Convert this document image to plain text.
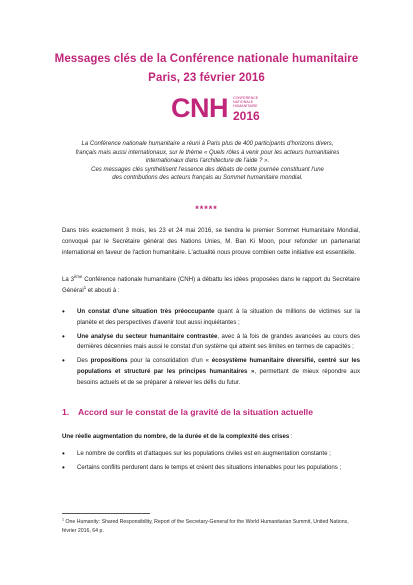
Messages clés de la Conférence nationale humanitaire
Paris, 23 février 2016
CNH CONFÉRENCE
NATIONALE
HUMANITAIRE
2016
La Conférence nationale humanitaire a réuni à Paris plus de 400 participants d'horizons divers,
français mais aussi internationaux, sur le thème « Quels rôles à venir pour les acteurs humanitaires
internationaux dans l'architecture de l'aide ? ».
Ces messages clés synthétisent l'essence des débats de cette journée constituant l'une
des contributions des acteurs français au Sommet humanitaire mondial.
*****
Dans très exactement 3 mois, les 23 et 24 mai 2016, se tiendra le premier Sommet Humanitaire Mondial, convoqué par le Secrétaire général des Nations Unies, M. Ban Ki Moon, pour refonder un partenariat international en faveur de l'action humanitaire. L'actualité nous prouve combien cette initiative est essentielle.
La 3ème Conférence nationale humanitaire (CNH) a débattu les idées proposées dans le rapport du Secrétaire Général$^1$ et abouti à :
• Un constat d'une situation très préoccupante quant à la situation de millions de victimes sur la planète et des perspectives d'avenir tout aussi inquiétantes ;
• Une analyse du secteur humanitaire contrastée, avec à la fois de grandes avancées au cours des dernières décennies mais aussi le constat d'un système qui atteint ses limites en termes de capacités ;
• Des propositions pour la consolidation d'un « écosystème humanitaire diversifié, centré sur les populations et structuré par les principes humanitaires », permettant de mieux répondre aux besoins actuels et de se préparer à relever les défis du futur.
1. Accord sur le constat de la gravité de la situation actuelle
Une réelle augmentation du nombre, de la durée et de la complexité des crises :
• Le nombre de conflits et d'attaques sur les populations civiles est en augmentation constante ;
• Certains conflits perdurent dans le temps et créent des situations intenables pour les populations ;
$^1$ One Humanity: Shared Responsibility, Report of the Secretary-General for the World Humanitarian Summit, United Nations, février 2016, 64 p.
